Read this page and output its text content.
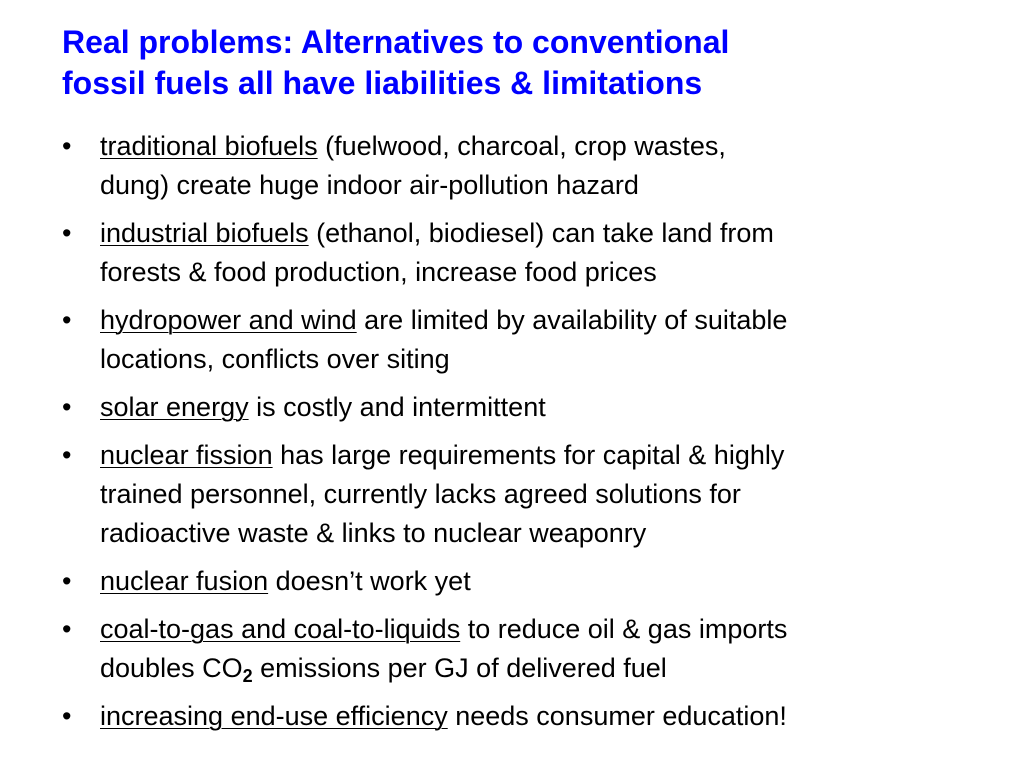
Real problems: Alternatives to conventional
fossil fuels all have liabilities & limitations
• traditional biofuels (fuelwood, charcoal, crop wastes,
dung) create huge indoor air-pollution hazard
• industrial biofuels (ethanol, biodiesel) can take land from
forests & food production, increase food prices
• hydropower and wind are limited by availability of suitable
locations, conflicts over siting
• solar energy is costly and intermittent
• nuclear fission has large requirements for capital & highly
trained personnel, currently lacks agreed solutions for
radioactive waste & links to nuclear weaponry
• nuclear fusion doesn’t work yet
• coal-to-gas and coal-to-liquids to reduce oil & gas imports
doubles $CO_2$ emissions per GJ of delivered fuel
• increasing end-use efficiency needs consumer education!
